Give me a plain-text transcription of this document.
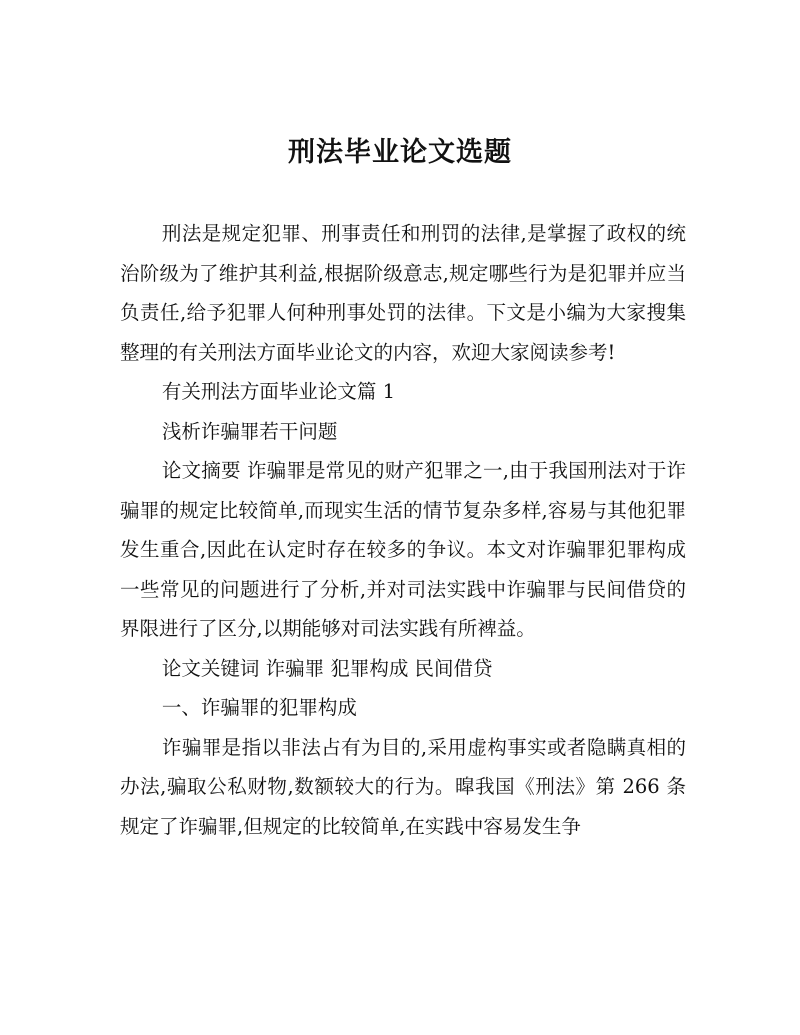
刑法毕业论文选题

刑法是规定犯罪、刑事责任和刑罚的法律,是掌握了政权的统治阶级为了维护其利益,根据阶级意志,规定哪些行为是犯罪并应当负责任,给予犯罪人何种刑事处罚的法律。下文是小编为大家搜集整理的有关刑法方面毕业论文的内容，欢迎大家阅读参考!

有关刑法方面毕业论文篇 1

浅析诈骗罪若干问题

论文摘要 诈骗罪是常见的财产犯罪之一,由于我国刑法对于诈骗罪的规定比较简单,而现实生活的情节复杂多样,容易与其他犯罪发生重合,因此在认定时存在较多的争议。本文对诈骗罪犯罪构成一些常见的问题进行了分析,并对司法实践中诈骗罪与民间借贷的界限进行了区分,以期能够对司法实践有所裨益。

论文关键词 诈骗罪 犯罪构成 民间借贷

一、诈骗罪的犯罪构成

诈骗罪是指以非法占有为目的,采用虚构事实或者隐瞒真相的办法,骗取公私财物,数额较大的行为。暭我国《刑法》第 266 条规定了诈骗罪,但规定的比较简单,在实践中容易发生争
